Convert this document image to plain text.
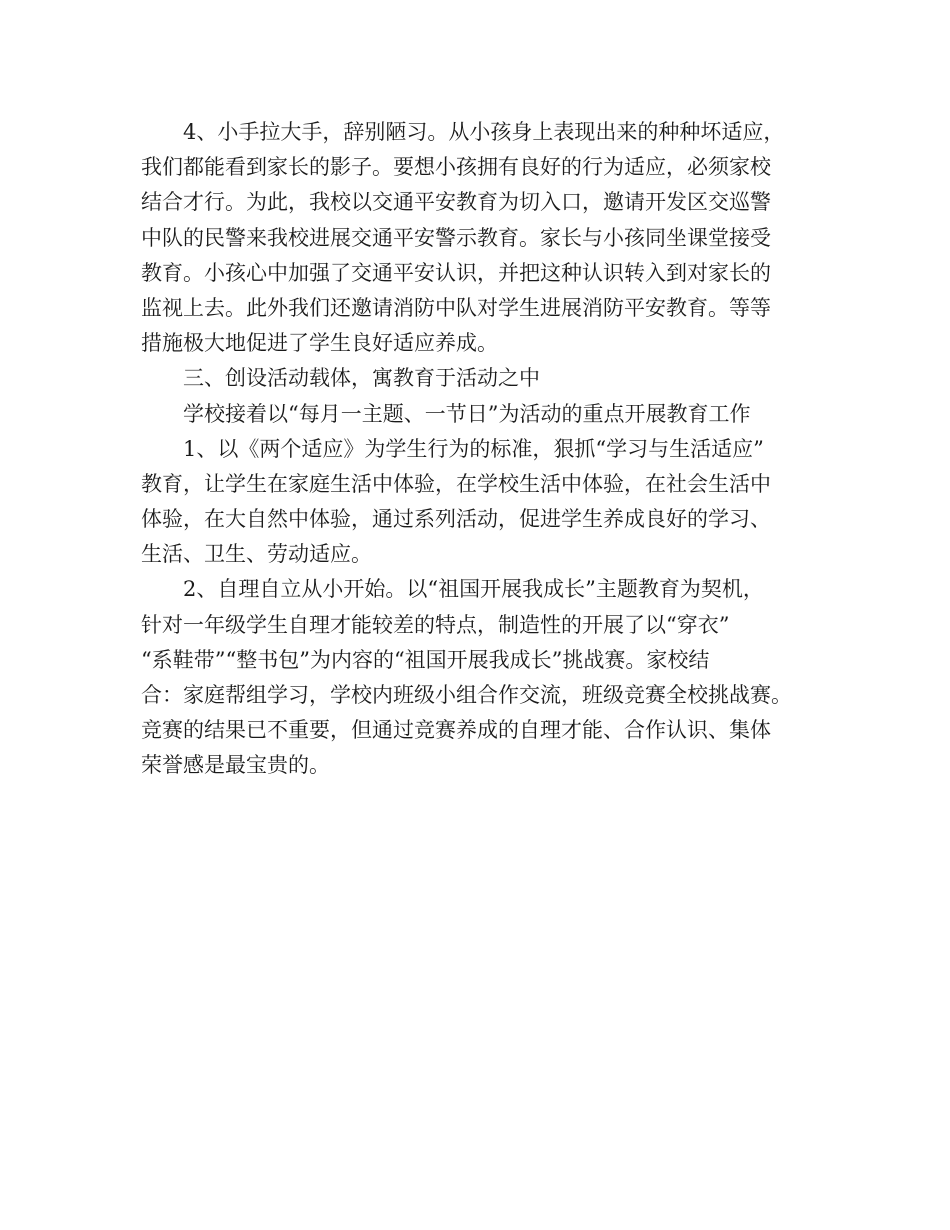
4、小手拉大手，辞别陋习。从小孩身上表现出来的种种坏适应，
我们都能看到家长的影子。要想小孩拥有良好的行为适应，必须家校
结合才行。为此，我校以交通平安教育为切入口，邀请开发区交巡警
中队的民警来我校进展交通平安警示教育。家长与小孩同坐课堂接受
教育。小孩心中加强了交通平安认识，并把这种认识转入到对家长的
监视上去。此外我们还邀请消防中队对学生进展消防平安教育。等等
措施极大地促进了学生良好适应养成。
三、创设活动载体，寓教育于活动之中
学校接着以“每月一主题、一节日”为活动的重点开展教育工作
1、以《两个适应》为学生行为的标准，狠抓“学习与生活适应”
教育，让学生在家庭生活中体验，在学校生活中体验，在社会生活中
体验，在大自然中体验，通过系列活动，促进学生养成良好的学习、
生活、卫生、劳动适应。
2、自理自立从小开始。以“祖国开展我成长”主题教育为契机，
针对一年级学生自理才能较差的特点，制造性的开展了以“穿衣”
“系鞋带”“整书包”为内容的“祖国开展我成长”挑战赛。家校结
合：家庭帮组学习，学校内班级小组合作交流，班级竞赛全校挑战赛。
竞赛的结果已不重要，但通过竞赛养成的自理才能、合作认识、集体
荣誉感是最宝贵的。
